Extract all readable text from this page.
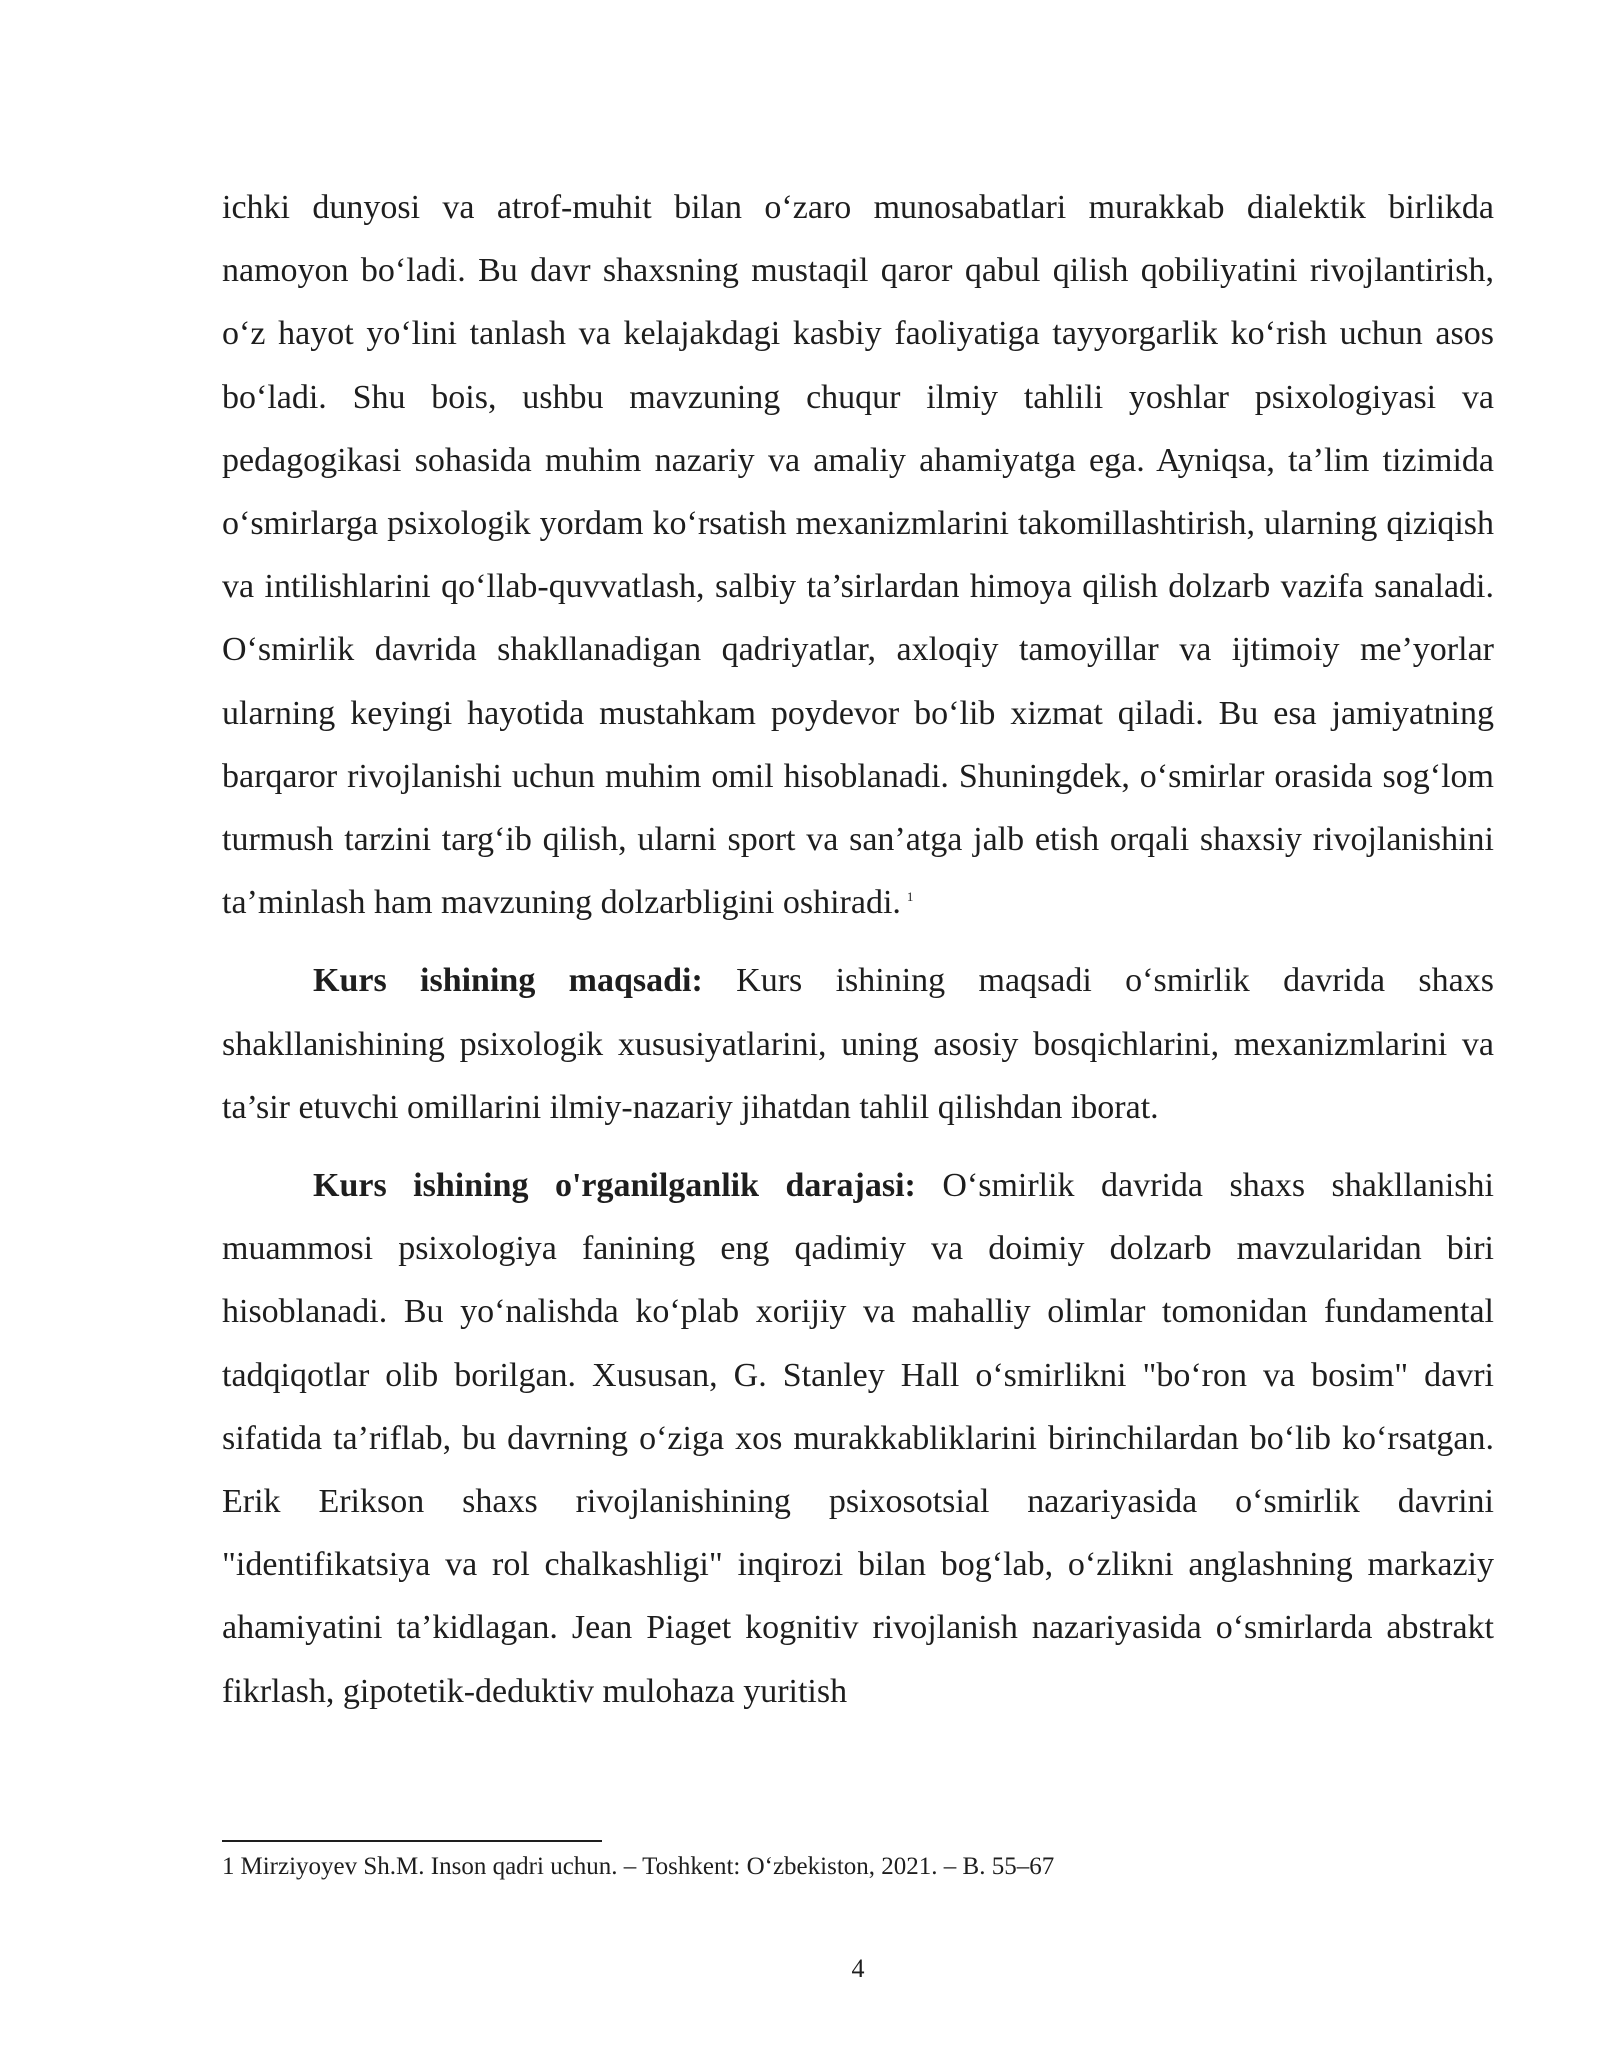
ichki dunyosi va atrof-muhit bilan o‘zaro munosabatlari murakkab dialektik birlikda namoyon bo‘ladi. Bu davr shaxsning mustaqil qaror qabul qilish qobiliyatini rivojlantirish, o‘z hayot yo‘lini tanlash va kelajakdagi kasbiy faoliyatiga tayyorgarlik ko‘rish uchun asos bo‘ladi. Shu bois, ushbu mavzuning chuqur ilmiy tahlili yoshlar psixologiyasi va pedagogikasi sohasida muhim nazariy va amaliy ahamiyatga ega. Ayniqsa, ta’lim tizimida o‘smirlarga psixologik yordam ko‘rsatish mexanizmlarini takomillashtirish, ularning qiziqish va intilishlarini qo‘llab-quvvatlash, salbiy ta’sirlardan himoya qilish dolzarb vazifa sanaladi. O‘smirlik davrida shakllanadigan qadriyatlar, axloqiy tamoyillar va ijtimoiy me’yorlar ularning keyingi hayotida mustahkam poydevor bo‘lib xizmat qiladi. Bu esa jamiyatning barqaror rivojlanishi uchun muhim omil hisoblanadi. Shuningdek, o‘smirlar orasida sog‘lom turmush tarzini targ‘ib qilish, ularni sport va san’atga jalb etish orqali shaxsiy rivojlanishini ta’minlash ham mavzuning dolzarbligini oshiradi. $^1$

Kurs ishining maqsadi: Kurs ishining maqsadi o‘smirlik davrida shaxs shakllanishining psixologik xususiyatlarini, uning asosiy bosqichlarini, mexanizmlarini va ta’sir etuvchi omillarini ilmiy-nazariy jihatdan tahlil qilishdan iborat.

Kurs ishining o'rganilganlik darajasi: O‘smirlik davrida shaxs shakllanishi muammosi psixologiya fanining eng qadimiy va doimiy dolzarb mavzularidan biri hisoblanadi. Bu yo‘nalishda ko‘plab xorijiy va mahalliy olimlar tomonidan fundamental tadqiqotlar olib borilgan. Xususan, G. Stanley Hall o‘smirlikni "bo‘ron va bosim" davri sifatida ta’riflab, bu davrning o‘ziga xos murakkabliklarini birinchilardan bo‘lib ko‘rsatgan. Erik Erikson shaxs rivojlanishining psixosotsial nazariyasida o‘smirlik davrini "identifikatsiya va rol chalkashligi" inqirozi bilan bog‘lab, o‘zlikni anglashning markaziy ahamiyatini ta’kidlagan. Jean Piaget kognitiv rivojlanish nazariyasida o‘smirlarda abstrakt fikrlash, gipotetik-deduktiv mulohaza yuritish

1 Mirziyoyev Sh.M. Inson qadri uchun. – Toshkent: O‘zbekiston, 2021. – B. 55–67
4
